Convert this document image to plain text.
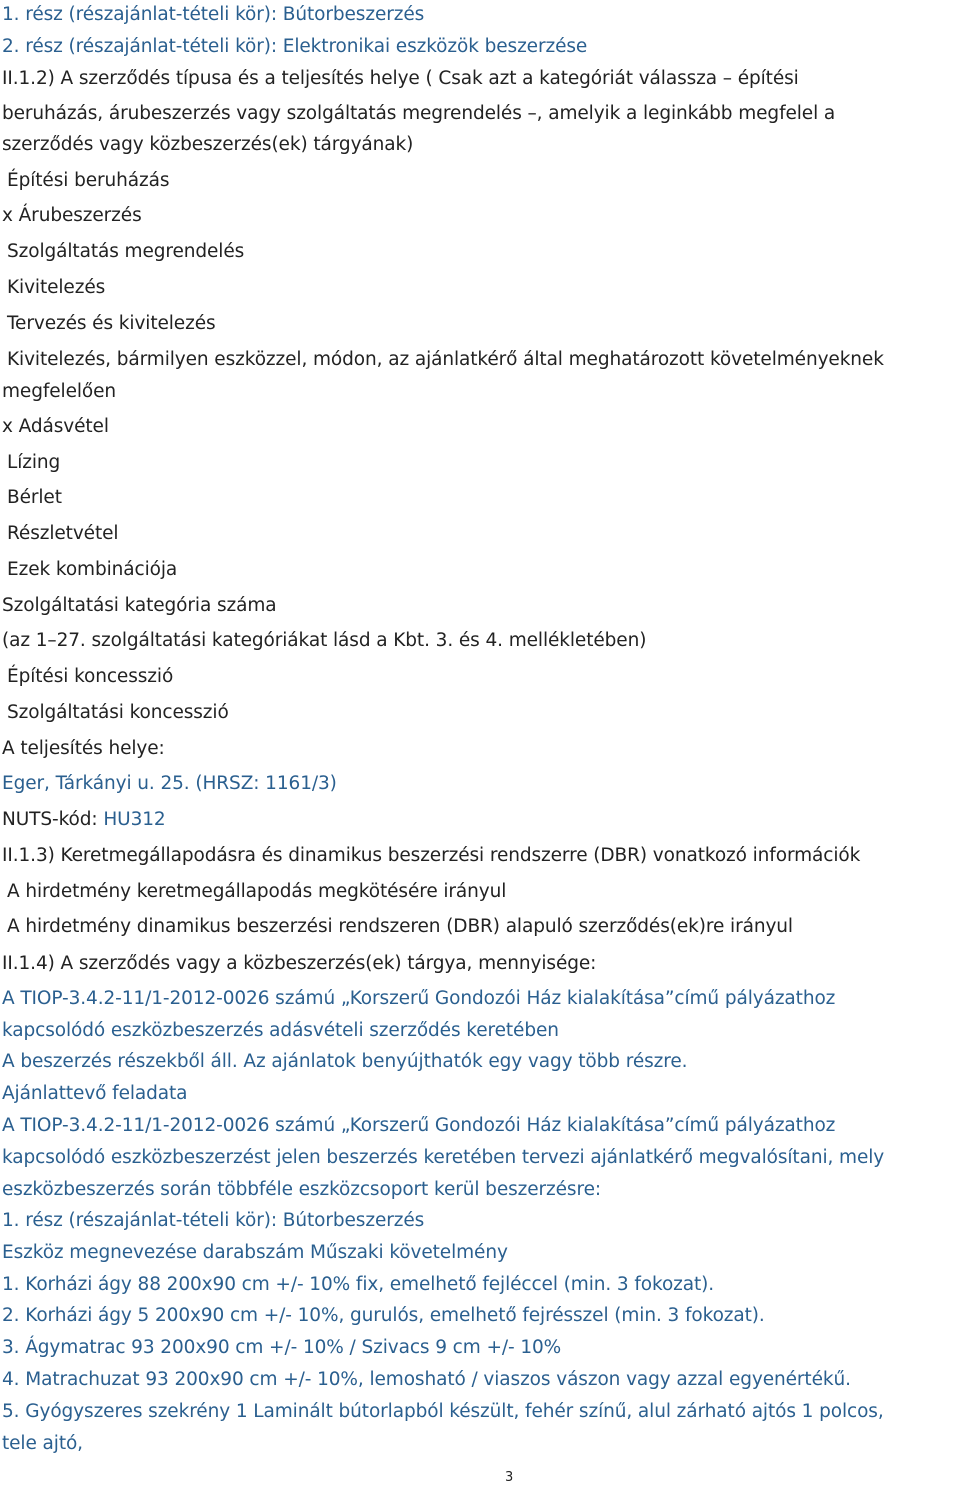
1. rész (részajánlat-tételi kör): Bútorbeszerzés
2. rész (részajánlat-tételi kör): Elektronikai eszközök beszerzése
II.1.2) A szerződés típusa és a teljesítés helye ( Csak azt a kategóriát válassza – építési
beruházás, árubeszerzés vagy szolgáltatás megrendelés –, amelyik a leginkább megfelel a
szerződés vagy közbeszerzés(ek) tárgyának)
Építési beruházás
x Árubeszerzés
Szolgáltatás megrendelés
Kivitelezés
Tervezés és kivitelezés
Kivitelezés, bármilyen eszközzel, módon, az ajánlatkérő által meghatározott követelményeknek
megfelelően
x Adásvétel
Lízing
Bérlet
Részletvétel
Ezek kombinációja
Szolgáltatási kategória száma
(az 1–27. szolgáltatási kategóriákat lásd a Kbt. 3. és 4. mellékletében)
Építési koncesszió
Szolgáltatási koncesszió
A teljesítés helye:
Eger, Tárkányi u. 25. (HRSZ: 1161/3)
NUTS-kód: HU312
II.1.3) Keretmegállapodásra és dinamikus beszerzési rendszerre (DBR) vonatkozó információk
A hirdetmény keretmegállapodás megkötésére irányul
A hirdetmény dinamikus beszerzési rendszeren (DBR) alapuló szerződés(ek)re irányul
II.1.4) A szerződés vagy a közbeszerzés(ek) tárgya, mennyisége:
A TIOP-3.4.2-11/1-2012-0026 számú „Korszerű Gondozói Ház kialakítása”című pályázathoz
kapcsolódó eszközbeszerzés adásvételi szerződés keretében
A beszerzés részekből áll. Az ajánlatok benyújthatók egy vagy több részre.
Ajánlattevő feladata
A TIOP-3.4.2-11/1-2012-0026 számú „Korszerű Gondozói Ház kialakítása”című pályázathoz
kapcsolódó eszközbeszerzést jelen beszerzés keretében tervezi ajánlatkérő megvalósítani, mely
eszközbeszerzés során többféle eszközcsoport kerül beszerzésre:
1. rész (részajánlat-tételi kör): Bútorbeszerzés
Eszköz megnevezése darabszám Műszaki követelmény
1. Korházi ágy 88 200x90 cm +/- 10% fix, emelhető fejléccel (min. 3 fokozat).
2. Korházi ágy 5 200x90 cm +/- 10%, gurulós, emelhető fejrésszel (min. 3 fokozat).
3. Ágymatrac 93 200x90 cm +/- 10% / Szivacs 9 cm +/- 10%
4. Matrachuzat 93 200x90 cm +/- 10%, lemosható / viaszos vászon vagy azzal egyenértékű.
5. Gyógyszeres szekrény 1 Laminált bútorlapból készült, fehér színű, alul zárható ajtós 1 polcos,
tele ajtó,
3
